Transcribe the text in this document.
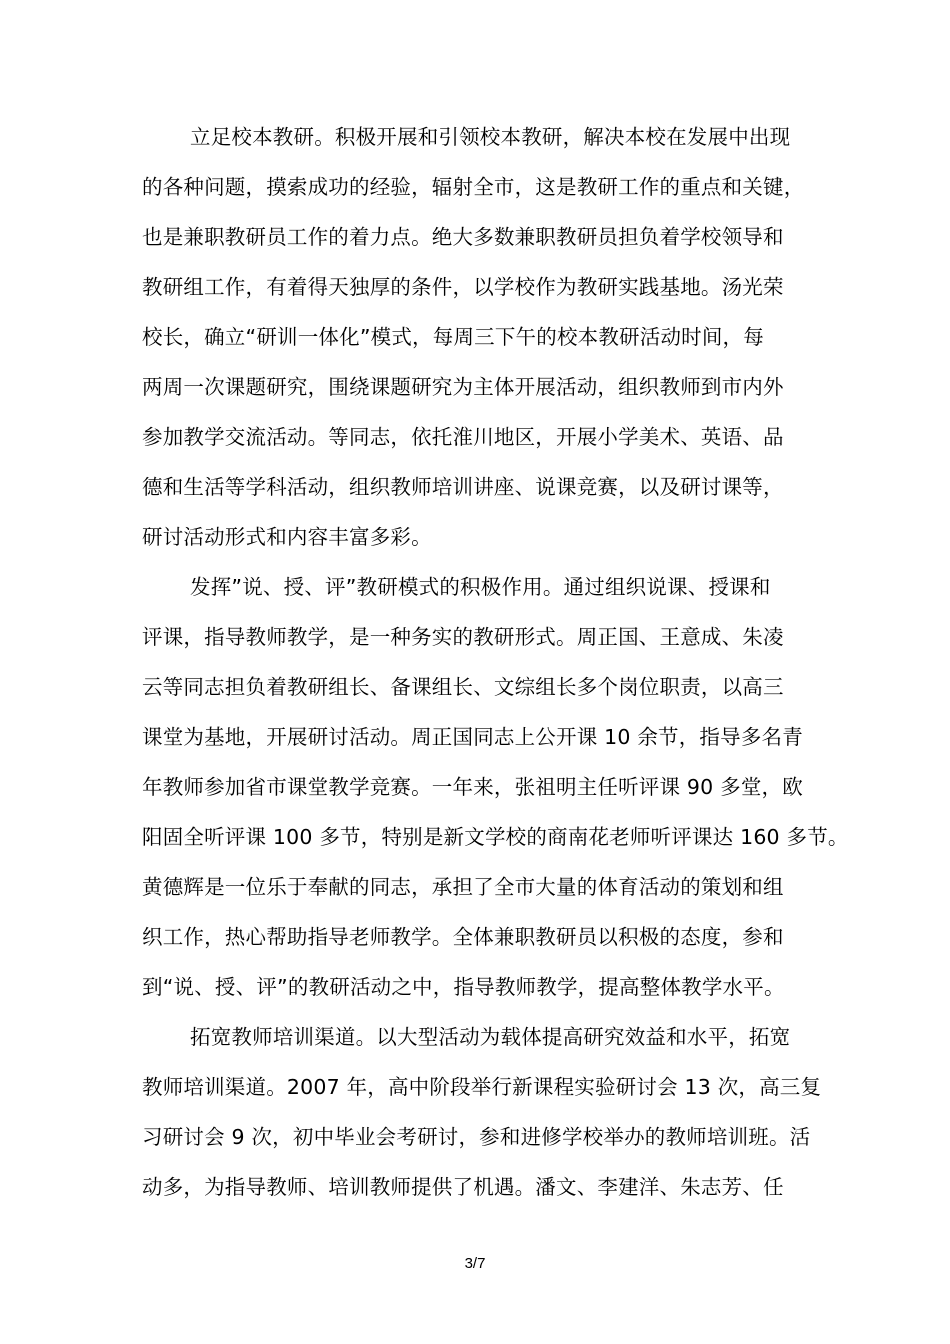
立足校本教研。积极开展和引领校本教研，解决本校在发展中出现
的各种问题，摸索成功的经验，辐射全市，这是教研工作的重点和关键，
也是兼职教研员工作的着力点。绝大多数兼职教研员担负着学校领导和
教研组工作，有着得天独厚的条件，以学校作为教研实践基地。汤光荣
校长，确立“研训一体化”模式，每周三下午的校本教研活动时间，每
两周一次课题研究，围绕课题研究为主体开展活动，组织教师到市内外
参加教学交流活动。等同志，依托淮川地区，开展小学美术、英语、品
德和生活等学科活动，组织教师培训讲座、说课竞赛，以及研讨课等，
研讨活动形式和内容丰富多彩。
发挥”说、授、评”教研模式的积极作用。通过组织说课、授课和
评课，指导教师教学，是一种务实的教研形式。周正国、王意成、朱凌
云等同志担负着教研组长、备课组长、文综组长多个岗位职责，以高三
课堂为基地，开展研讨活动。周正国同志上公开课 10 余节，指导多名青
年教师参加省市课堂教学竞赛。一年来，张祖明主任听评课 90 多堂，欧
阳固全听评课 100 多节，特别是新文学校的商南花老师听评课达 160 多节。
黄德辉是一位乐于奉献的同志，承担了全市大量的体育活动的策划和组
织工作，热心帮助指导老师教学。全体兼职教研员以积极的态度，参和
到“说、授、评”的教研活动之中，指导教师教学，提高整体教学水平。
拓宽教师培训渠道。以大型活动为载体提高研究效益和水平，拓宽
教师培训渠道。2007 年，高中阶段举行新课程实验研讨会 13 次，高三复
习研讨会 9 次，初中毕业会考研讨，参和进修学校举办的教师培训班。活
动多，为指导教师、培训教师提供了机遇。潘文、李建洋、朱志芳、任
3/7
